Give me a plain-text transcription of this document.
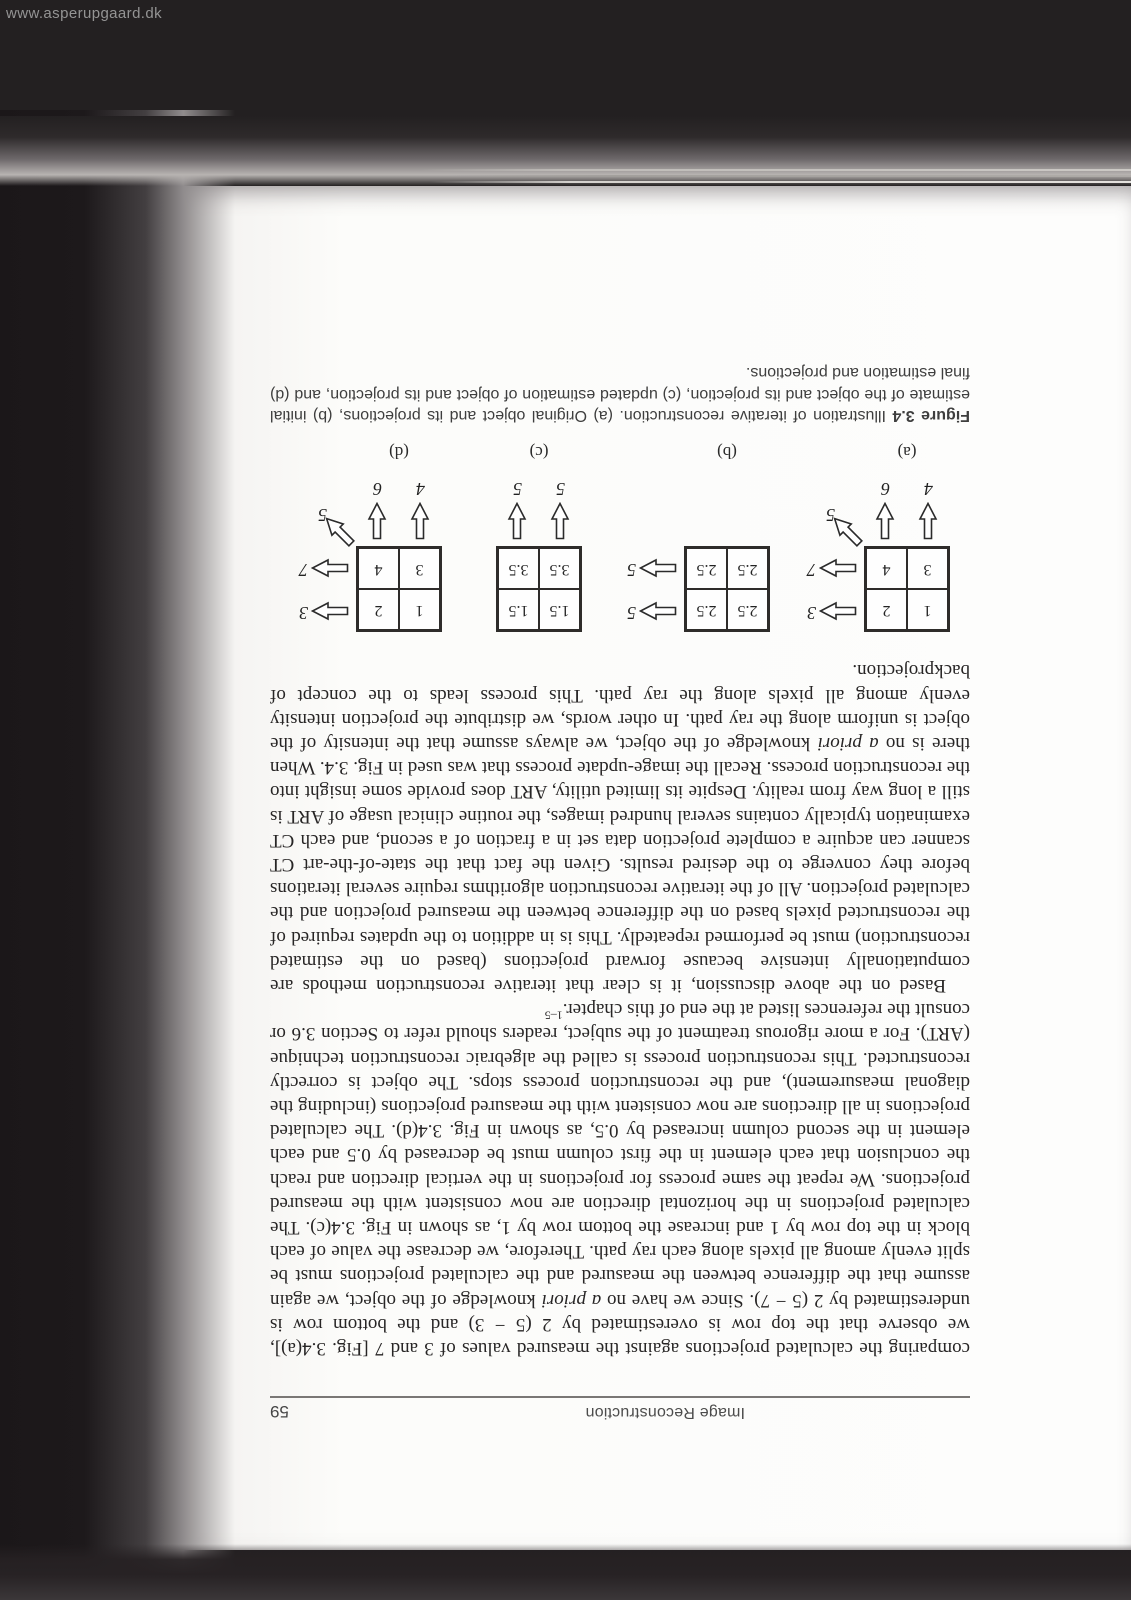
www.asperupgaard.dk
Image Reconstruction
59

comparing the calculated projections against the measured values of 3 and 7 [Fig. 3.4(a)], we observe that the top row is overestimated by 2 (5 − 3) and the bottom row is underestimated by 2 (5 − 7). Since we have no a priori knowledge of the object, we again assume that the difference between the measured and the calculated projections must be split evenly among all pixels along each ray path. Therefore, we decrease the value of each block in the top row by 1 and increase the bottom row by 1, as shown in Fig. 3.4(c). The calculated projections in the horizontal direction are now consistent with the measured projections. We repeat the same process for projections in the vertical direction and reach the conclusion that each element in the first column must be decreased by 0.5 and each element in the second column increased by 0.5, as shown in Fig. 3.4(d). The calculated projections in all directions are now consistent with the measured projections (including the diagonal measurement), and the reconstruction process stops. The object is correctly reconstructed. This reconstruction process is called the algebraic reconstruction technique (ART). For a more rigorous treatment of the subject, readers should refer to Section 3.6 or consult the references listed at the end of this chapter.$^{1-5}$

Based on the above discussion, it is clear that iterative reconstruction methods are computationally intensive because forward projections (based on the estimated reconstruction) must be performed repeatedly. This is in addition to the updates required of the reconstructed pixels based on the difference between the measured projection and the calculated projection. All of the iterative reconstruction algorithms require several iterations before they converge to the desired results. Given the fact that the state-of-the-art CT scanner can acquire a complete projection data set in a fraction of a second, and each CT examination typically contains several hundred images, the routine clinical usage of ART is still a long way from reality. Despite its limited utility, ART does provide some insight into the reconstruction process. Recall the image-update process that was used in Fig. 3.4. When there is no a priori knowledge of the object, we always assume that the intensity of the object is uniform along the ray path. In other words, we distribute the projection intensity evenly among all pixels along the ray path. This process leads to the concept of backprojection.

1
2
3
4
3
7
4
6
5
(a)
2.5
2.5
2.5
2.5
5
5
(b)
1.5
1.5
3.5
3.5
5
5
(c)
1
2
3
4
3
7
4
6
5
(d)

Figure 3.4 Illustration of iterative reconstruction. (a) Original object and its projections, (b) initial estimate of the object and its projection, (c) updated estimation of object and its projection, and (d) final estimation and projections.
